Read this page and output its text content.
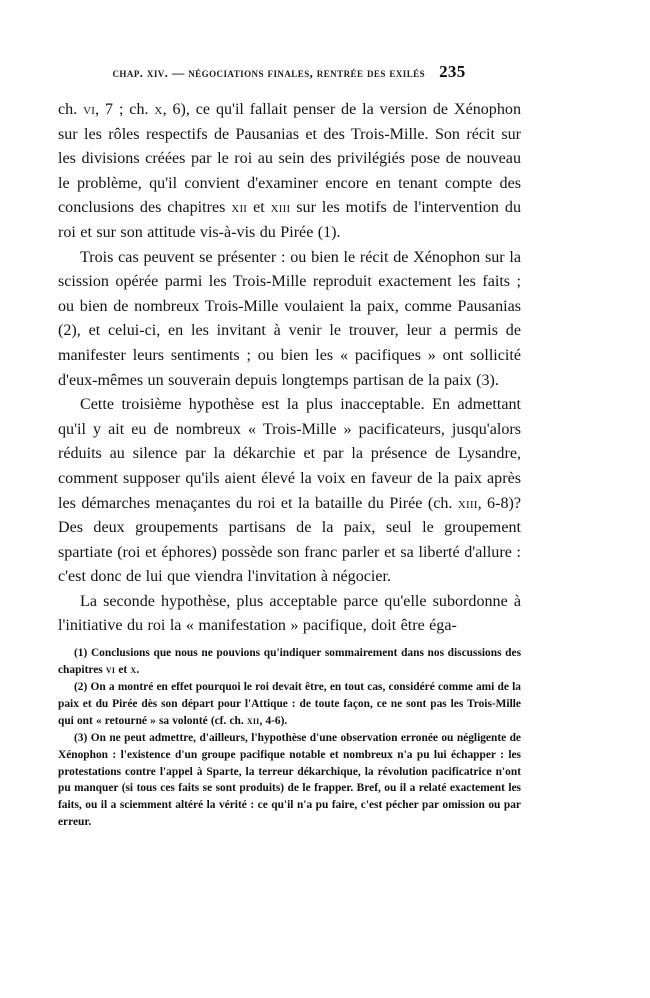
chap. xiv. — négociations finales, rentrée des exilés 235

ch. vi, 7 ; ch. x, 6), ce qu'il fallait penser de la version de Xénophon sur les rôles respectifs de Pausanias et des Trois-Mille. Son récit sur les divisions créées par le roi au sein des privilégiés pose de nouveau le problème, qu'il convient d'examiner encore en tenant compte des conclusions des chapitres xii et xiii sur les motifs de l'intervention du roi et sur son attitude vis-à-vis du Pirée (1).

Trois cas peuvent se présenter : ou bien le récit de Xénophon sur la scission opérée parmi les Trois-Mille reproduit exactement les faits ; ou bien de nombreux Trois-Mille voulaient la paix, comme Pausanias (2), et celui-ci, en les invitant à venir le trouver, leur a permis de manifester leurs sentiments ; ou bien les « pacifiques » ont sollicité d'eux-mêmes un souverain depuis longtemps partisan de la paix (3).

Cette troisième hypothèse est la plus inacceptable. En admettant qu'il y ait eu de nombreux « Trois-Mille » pacificateurs, jusqu'alors réduits au silence par la dékarchie et par la présence de Lysandre, comment supposer qu'ils aient élevé la voix en faveur de la paix après les démarches menaçantes du roi et la bataille du Pirée (ch. xiii, 6-8)? Des deux groupements partisans de la paix, seul le groupement spartiate (roi et éphores) possède son franc parler et sa liberté d'allure : c'est donc de lui que viendra l'invitation à négocier.

La seconde hypothèse, plus acceptable parce qu'elle subordonne à l'initiative du roi la « manifestation » pacifique, doit être éga-

(1) Conclusions que nous ne pouvions qu'indiquer sommairement dans nos discussions des chapitres vi et x.

(2) On a montré en effet pourquoi le roi devait être, en tout cas, considéré comme ami de la paix et du Pirée dès son départ pour l'Attique : de toute façon, ce ne sont pas les Trois-Mille qui ont « retourné » sa volonté (cf. ch. xii, 4-6).

(3) On ne peut admettre, d'ailleurs, l'hypothèse d'une observation erronée ou négligente de Xénophon : l'existence d'un groupe pacifique notable et nombreux n'a pu lui échapper : les protestations contre l'appel à Sparte, la terreur dékarchique, la révolution pacificatrice n'ont pu manquer (si tous ces faits se sont produits) de le frapper. Bref, ou il a relaté exactement les faits, ou il a sciemment altéré la vérité : ce qu'il n'a pu faire, c'est pécher par omission ou par erreur.
